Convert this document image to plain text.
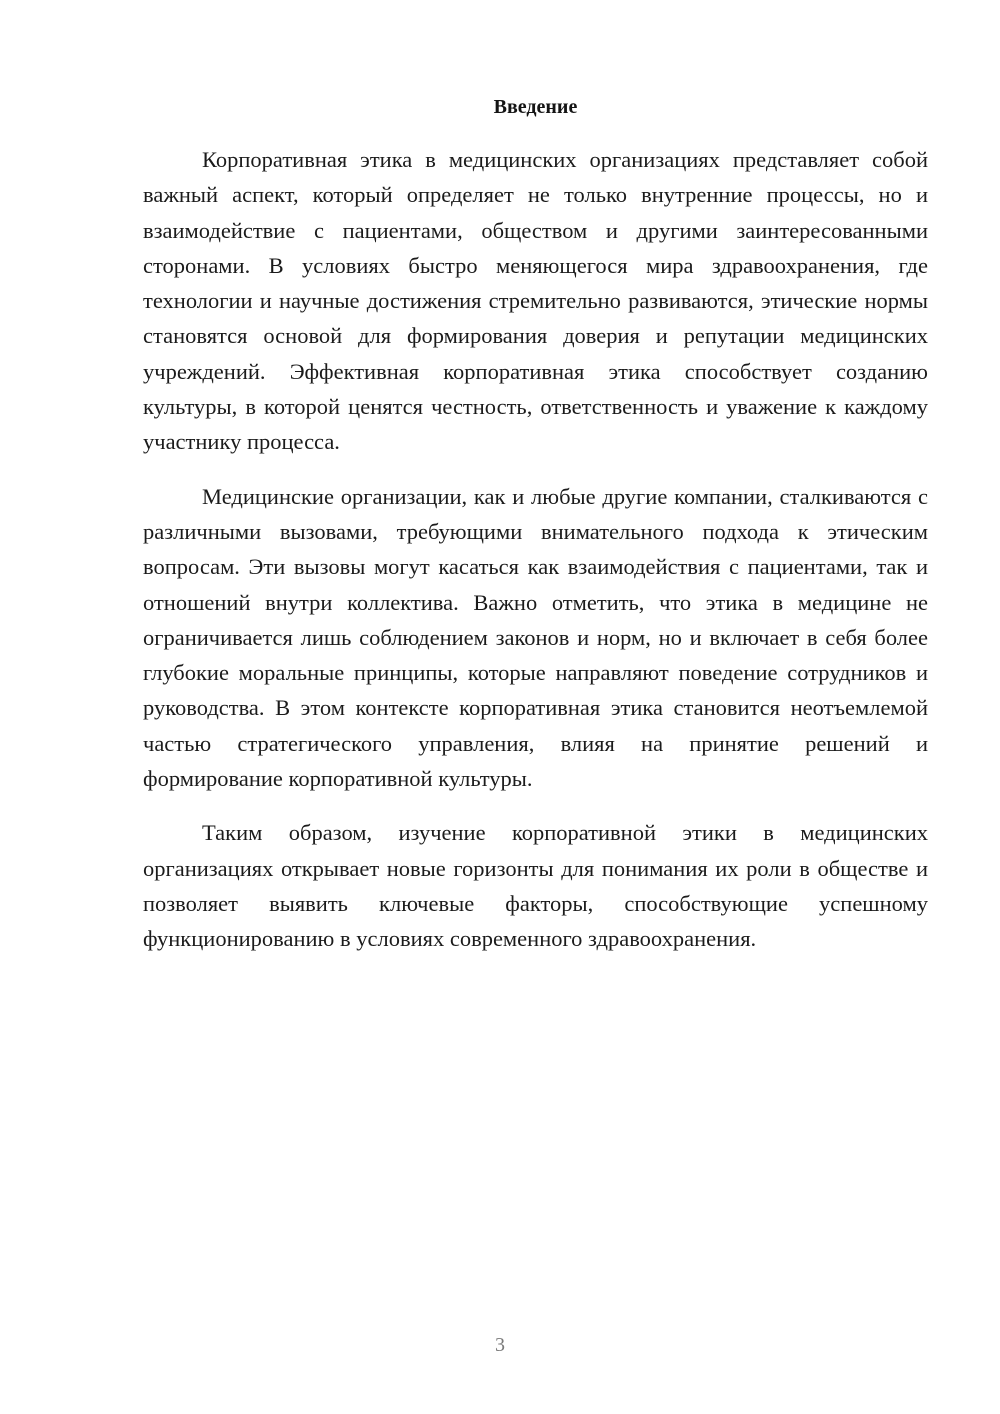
Введение

Корпоративная этика в медицинских организациях представляет собой важный аспект, который определяет не только внутренние процессы, но и взаимодействие с пациентами, обществом и другими заинтересованными сторонами. В условиях быстро меняющегося мира здравоохранения, где технологии и научные достижения стремительно развиваются, этические нормы становятся основой для формирования доверия и репутации медицинских учреждений. Эффективная корпоративная этика способствует созданию культуры, в которой ценятся честность, ответственность и уважение к каждому участнику процесса.

Медицинские организации, как и любые другие компании, сталкиваются с различными вызовами, требующими внимательного подхода к этическим вопросам. Эти вызовы могут касаться как взаимодействия с пациентами, так и отношений внутри коллектива. Важно отметить, что этика в медицине не ограничивается лишь соблюдением законов и норм, но и включает в себя более глубокие моральные принципы, которые направляют поведение сотрудников и руководства. В этом контексте корпоративная этика становится неотъемлемой частью стратегического управления, влияя на принятие решений и формирование корпоративной культуры.

Таким образом, изучение корпоративной этики в медицинских организациях открывает новые горизонты для понимания их роли в обществе и позволяет выявить ключевые факторы, способствующие успешному функционированию в условиях современного здравоохранения.

3
